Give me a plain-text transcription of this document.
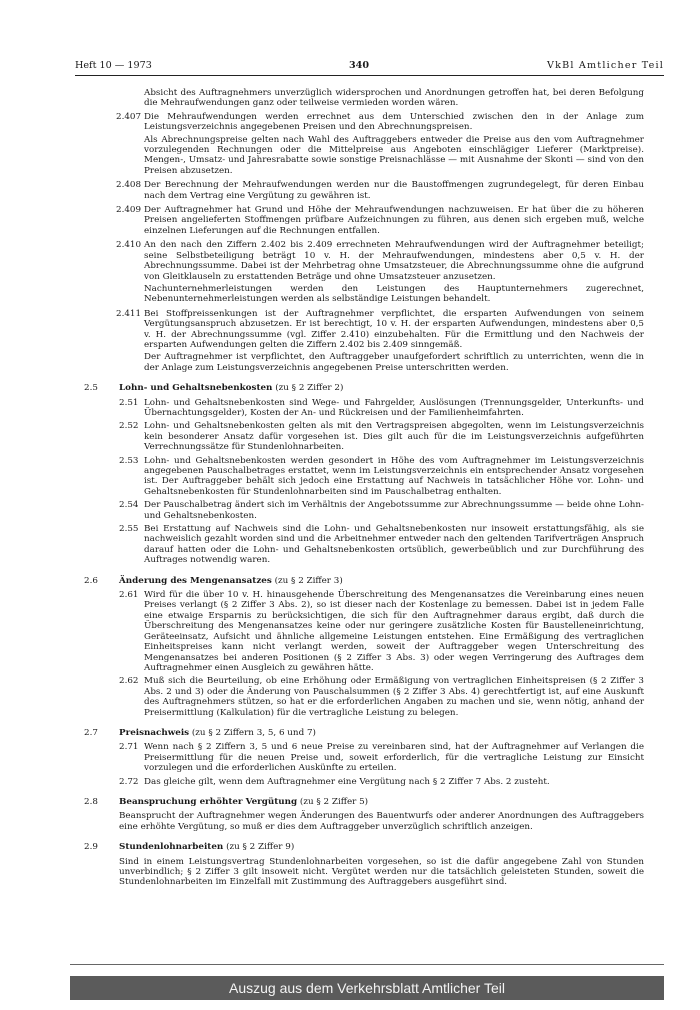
Heft 10 — 1973	340	VkBl Amtlicher Teil

Absicht des Auftragnehmers unverzüglich widersprochen und Anordnungen getroffen hat, bei deren Befolgung die Mehraufwendungen ganz oder teilweise vermieden worden wären.

2.407 Die Mehraufwendungen werden errechnet aus dem Unterschied zwischen den in der Anlage zum Leistungsverzeichnis angegebenen Preisen und den Abrechnungspreisen.

Als Abrechnungspreise gelten nach Wahl des Auftraggebers entweder die Preise aus den vom Auftragnehmer vorzulegenden Rechnungen oder die Mittelpreise aus Angeboten einschlägiger Lieferer (Marktpreise). Mengen-, Umsatz- und Jahresrabatte sowie sonstige Preisnachlässe — mit Ausnahme der Skonti — sind von den Preisen abzusetzen.

2.408 Der Berechnung der Mehraufwendungen werden nur die Baustoffmengen zugrundegelegt, für deren Einbau nach dem Vertrag eine Vergütung zu gewähren ist.

2.409 Der Auftragnehmer hat Grund und Höhe der Mehraufwendungen nachzuweisen. Er hat über die zu höheren Preisen angelieferten Stoffmengen prüfbare Aufzeichnungen zu führen, aus denen sich ergeben muß, welche einzelnen Lieferungen auf die Rechnungen entfallen.

2.410 An den nach den Ziffern 2.402 bis 2.409 errechneten Mehraufwendungen wird der Auftragnehmer beteiligt; seine Selbstbeteiligung beträgt 10 v. H. der Mehraufwendungen, mindestens aber 0,5 v. H. der Abrechnungssumme. Dabei ist der Mehrbetrag ohne Umsatzsteuer, die Abrechnungssumme ohne die aufgrund von Gleitklauseln zu erstattenden Beträge und ohne Umsatzsteuer anzusetzen.

Nachunternehmerleistungen werden den Leistungen des Hauptunternehmers zugerechnet, Nebenunternehmerleistungen werden als selbständige Leistungen behandelt.

2.411 Bei Stoffpreissenkungen ist der Auftragnehmer verpflichtet, die ersparten Aufwendungen von seinem Vergütungsanspruch abzusetzen. Er ist berechtigt, 10 v. H. der ersparten Aufwendungen, mindestens aber 0,5 v. H. der Abrechnungssumme (vgl. Ziffer 2.410) einzubehalten. Für die Ermittlung und den Nachweis der ersparten Aufwendungen gelten die Ziffern 2.402 bis 2.409 sinngemäß.

Der Auftragnehmer ist verpflichtet, den Auftraggeber unaufgefordert schriftlich zu unterrichten, wenn die in der Anlage zum Leistungsverzeichnis angegebenen Preise unterschritten werden.

2.5 Lohn- und Gehaltsnebenkosten (zu § 2 Ziffer 2)
2.51 Lohn- und Gehaltsnebenkosten sind Wege- und Fahrgelder, Auslösungen (Trennungsgelder, Unterkunfts- und Übernachtungsgelder), Kosten der An- und Rückreisen und der Familienheimfahrten.

2.52 Lohn- und Gehaltsnebenkosten gelten als mit den Vertragspreisen abgegolten, wenn im Leistungsverzeichnis kein besonderer Ansatz dafür vorgesehen ist. Dies gilt auch für die im Leistungsverzeichnis aufgeführten Verrechnungssätze für Stundenlohnarbeiten.

2.53 Lohn- und Gehaltsnebenkosten werden gesondert in Höhe des vom Auftragnehmer im Leistungsverzeichnis angegebenen Pauschalbetrages erstattet, wenn im Leistungsverzeichnis ein entsprechender Ansatz vorgesehen ist. Der Auftraggeber behält sich jedoch eine Erstattung auf Nachweis in tatsächlicher Höhe vor. Lohn- und Gehaltsnebenkosten für Stundenlohnarbeiten sind im Pauschalbetrag enthalten.

2.54 Der Pauschalbetrag ändert sich im Verhältnis der Angebotssumme zur Abrechnungssumme — beide ohne Lohn- und Gehaltsnebenkosten.

2.55 Bei Erstattung auf Nachweis sind die Lohn- und Gehaltsnebenkosten nur insoweit erstattungsfähig, als sie nachweislich gezahlt worden sind und die Arbeitnehmer entweder nach den geltenden Tarifverträgen Anspruch darauf hatten oder die Lohn- und Gehaltsnebenkosten ortsüblich, gewerbeüblich und zur Durchführung des Auftrages notwendig waren.

2.6 Änderung des Mengenansatzes (zu § 2 Ziffer 3)
2.61 Wird für die über 10 v. H. hinausgehende Überschreitung des Mengenansatzes die Vereinbarung eines neuen Preises verlangt (§ 2 Ziffer 3 Abs. 2), so ist dieser nach der Kostenlage zu bemessen. Dabei ist in jedem Falle eine etwaige Ersparnis zu berücksichtigen, die sich für den Auftragnehmer daraus ergibt, daß durch die Überschreitung des Mengenansatzes keine oder nur geringere zusätzliche Kosten für Baustelleneinrichtung, Geräteeinsatz, Aufsicht und ähnliche allgemeine Leistungen entstehen. Eine Ermäßigung des vertraglichen Einheitspreises kann nicht verlangt werden, soweit der Auftraggeber wegen Unterschreitung des Mengenansatzes bei anderen Positionen (§ 2 Ziffer 3 Abs. 3) oder wegen Verringerung des Auftrages dem Auftragnehmer einen Ausgleich zu gewähren hätte.

2.62 Muß sich die Beurteilung, ob eine Erhöhung oder Ermäßigung von vertraglichen Einheitspreisen (§ 2 Ziffer 3 Abs. 2 und 3) oder die Änderung von Pauschalsummen (§ 2 Ziffer 3 Abs. 4) gerechtfertigt ist, auf eine Auskunft des Auftragnehmers stützen, so hat er die erforderlichen Angaben zu machen und sie, wenn nötig, anhand der Preisermittlung (Kalkulation) für die vertragliche Leistung zu belegen.

2.7 Preisnachweis (zu § 2 Ziffern 3, 5, 6 und 7)
2.71 Wenn nach § 2 Ziffern 3, 5 und 6 neue Preise zu vereinbaren sind, hat der Auftragnehmer auf Verlangen die Preisermittlung für die neuen Preise und, soweit erforderlich, für die vertragliche Leistung zur Einsicht vorzulegen und die erforderlichen Auskünfte zu erteilen.

2.72 Das gleiche gilt, wenn dem Auftragnehmer eine Vergütung nach § 2 Ziffer 7 Abs. 2 zusteht.

2.8 Beanspruchung erhöhter Vergütung (zu § 2 Ziffer 5)
Beansprucht der Auftragnehmer wegen Änderungen des Bauentwurfs oder anderer Anordnungen des Auftraggebers eine erhöhte Vergütung, so muß er dies dem Auftraggeber unverzüglich schriftlich anzeigen.
2.9 Stundenlohnarbeiten (zu § 2 Ziffer 9)
Sind in einem Leistungsvertrag Stundenlohnarbeiten vorgesehen, so ist die dafür angegebene Zahl von Stunden unverbindlich; § 2 Ziffer 3 gilt insoweit nicht. Vergütet werden nur die tatsächlich geleisteten Stunden, soweit die Stundenlohnarbeiten im Einzelfall mit Zustimmung des Auftraggebers ausgeführt sind.
Auszug aus dem Verkehrsblatt Amtlicher Teil
